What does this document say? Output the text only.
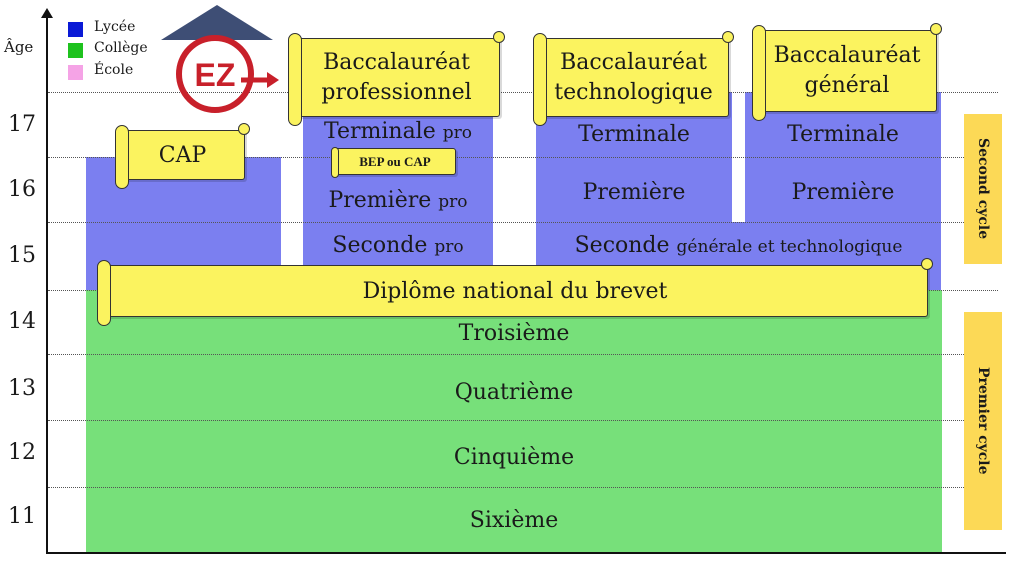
Âge
17
16
15
14
13
12
11
Lycée
Collège
École EZ	Baccalauréat
professionnel
Baccalauréat
technologique
Baccalauréat
général
CAP
Terminale pro
BEP ou CAP
Première pro
Seconde pro
Terminale	Terminale
Première	Première
Seconde générale et technologique
Diplôme national du brevet
Troisième
Quatrième
Cinquième
Sixième
Second cycle
Premier cycle
